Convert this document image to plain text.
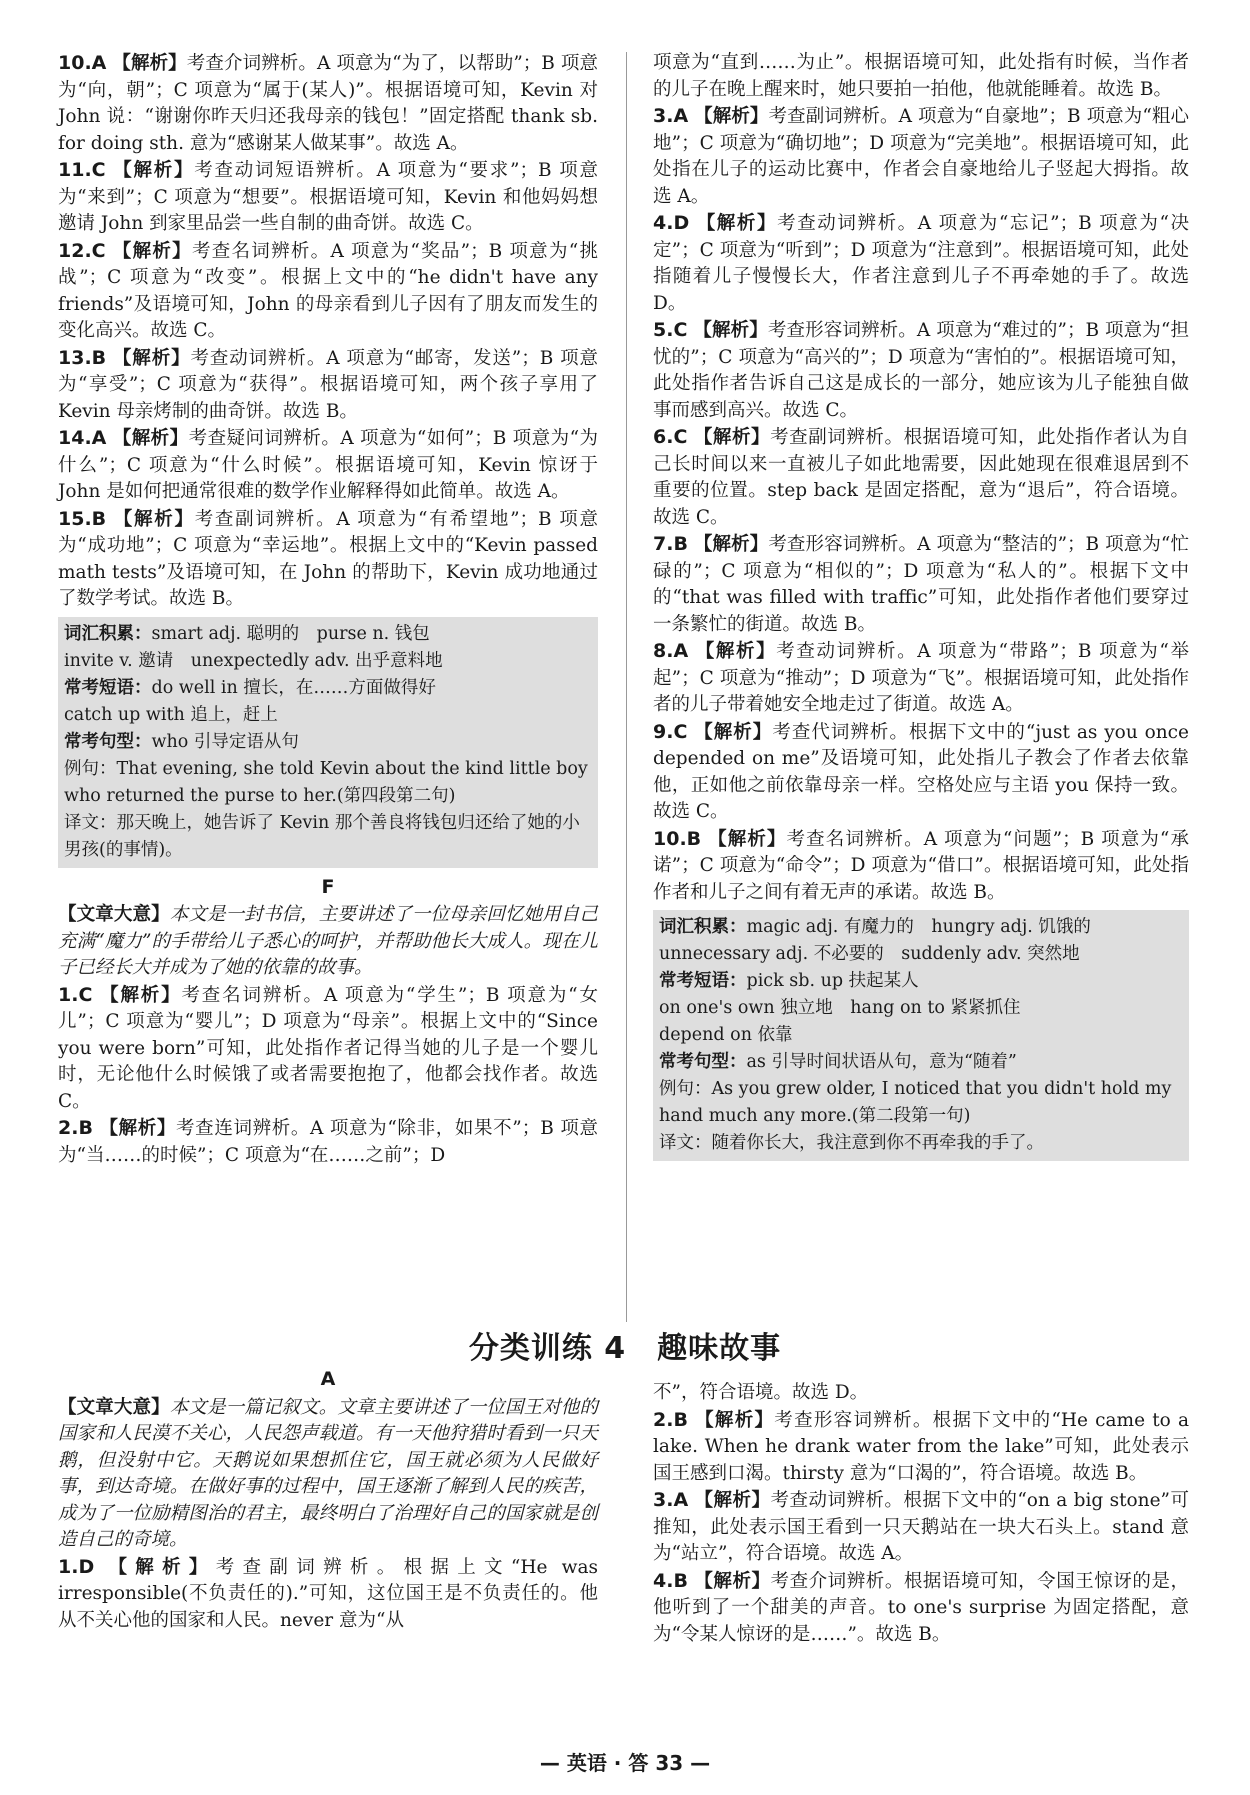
10.A 【解析】考查介词辨析。A 项意为“为了，以帮助”；B 项意为“向，朝”；C 项意为“属于(某人)”。根据语境可知，Kevin 对 John 说：“谢谢你昨天归还我母亲的钱包！”固定搭配 thank sb. for doing sth. 意为“感谢某人做某事”。故选 A。

11.C 【解析】考查动词短语辨析。A 项意为“要求”；B 项意为“来到”；C 项意为“想要”。根据语境可知，Kevin 和他妈妈想邀请 John 到家里品尝一些自制的曲奇饼。故选 C。

12.C 【解析】考查名词辨析。A 项意为“奖品”；B 项意为“挑战”；C 项意为“改变”。根据上文中的“he didn't have any friends”及语境可知，John 的母亲看到儿子因有了朋友而发生的变化高兴。故选 C。

13.B 【解析】考查动词辨析。A 项意为“邮寄，发送”；B 项意为“享受”；C 项意为“获得”。根据语境可知，两个孩子享用了 Kevin 母亲烤制的曲奇饼。故选 B。

14.A 【解析】考查疑问词辨析。A 项意为“如何”；B 项意为“为什么”；C 项意为“什么时候”。根据语境可知，Kevin 惊讶于 John 是如何把通常很难的数学作业解释得如此简单。故选 A。

15.B 【解析】考查副词辨析。A 项意为“有希望地”；B 项意为“成功地”；C 项意为“幸运地”。根据上文中的“Kevin passed math tests”及语境可知，在 John 的帮助下，Kevin 成功地通过了数学考试。故选 B。

词汇积累：smart adj. 聪明的　purse n. 钱包
invite v. 邀请　unexpectedly adv. 出乎意料地
常考短语：do well in 擅长，在……方面做得好
catch up with 追上，赶上
常考句型：who 引导定语从句
例句：That evening, she told Kevin about the kind little boy who returned the purse to her.(第四段第二句)
译文：那天晚上，她告诉了 Kevin 那个善良将钱包归还给了她的小男孩(的事情)。
F

【文章大意】本文是一封书信，主要讲述了一位母亲回忆她用自己充满“魔力”的手带给儿子悉心的呵护，并帮助他长大成人。现在儿子已经长大并成为了她的依靠的故事。

1.C 【解析】考查名词辨析。A 项意为“学生”；B 项意为“女儿”；C 项意为“婴儿”；D 项意为“母亲”。根据上文中的“Since you were born”可知，此处指作者记得当她的儿子是一个婴儿时，无论他什么时候饿了或者需要抱抱了，他都会找作者。故选 C。

2.B 【解析】考查连词辨析。A 项意为“除非，如果不”；B 项意为“当……的时候”；C 项意为“在……之前”；D

项意为“直到……为止”。根据语境可知，此处指有时候，当作者的儿子在晚上醒来时，她只要拍一拍他，他就能睡着。故选 B。

3.A 【解析】考查副词辨析。A 项意为“自豪地”；B 项意为“粗心地”；C 项意为“确切地”；D 项意为“完美地”。根据语境可知，此处指在儿子的运动比赛中，作者会自豪地给儿子竖起大拇指。故选 A。

4.D 【解析】考查动词辨析。A 项意为“忘记”；B 项意为“决定”；C 项意为“听到”；D 项意为“注意到”。根据语境可知，此处指随着儿子慢慢长大，作者注意到儿子不再牵她的手了。故选 D。

5.C 【解析】考查形容词辨析。A 项意为“难过的”；B 项意为“担忧的”；C 项意为“高兴的”；D 项意为“害怕的”。根据语境可知，此处指作者告诉自己这是成长的一部分，她应该为儿子能独自做事而感到高兴。故选 C。

6.C 【解析】考查副词辨析。根据语境可知，此处指作者认为自己长时间以来一直被儿子如此地需要，因此她现在很难退居到不重要的位置。step back 是固定搭配，意为“退后”，符合语境。故选 C。

7.B 【解析】考查形容词辨析。A 项意为“整洁的”；B 项意为“忙碌的”；C 项意为“相似的”；D 项意为“私人的”。根据下文中的“that was filled with traffic”可知，此处指作者他们要穿过一条繁忙的街道。故选 B。

8.A 【解析】考查动词辨析。A 项意为“带路”；B 项意为“举起”；C 项意为“推动”；D 项意为“飞”。根据语境可知，此处指作者的儿子带着她安全地走过了街道。故选 A。

9.C 【解析】考查代词辨析。根据下文中的“just as you once depended on me”及语境可知，此处指儿子教会了作者去依靠他，正如他之前依靠母亲一样。空格处应与主语 you 保持一致。故选 C。

10.B 【解析】考查名词辨析。A 项意为“问题”；B 项意为“承诺”；C 项意为“命令”；D 项意为“借口”。根据语境可知，此处指作者和儿子之间有着无声的承诺。故选 B。

词汇积累：magic adj. 有魔力的　hungry adj. 饥饿的
unnecessary adj. 不必要的　suddenly adv. 突然地
常考短语：pick sb. up 扶起某人
on one's own 独立地　hang on to 紧紧抓住
depend on 依靠
常考句型：as 引导时间状语从句，意为“随着”
例句：As you grew older, I noticed that you didn't hold my hand much any more.(第二段第一句)
译文：随着你长大，我注意到你不再牵我的手了。
分类训练 4　趣味故事
A

【文章大意】本文是一篇记叙文。文章主要讲述了一位国王对他的国家和人民漠不关心，人民怨声载道。有一天他狩猎时看到一只天鹅，但没射中它。天鹅说如果想抓住它，国王就必须为人民做好事，到达奇境。在做好事的过程中，国王逐渐了解到人民的疾苦，成为了一位励精图治的君主，最终明白了治理好自己的国家就是创造自己的奇境。

1.D 【解析】考查副词辨析。根据上文“He was irresponsible(不负责任的).”可知，这位国王是不负责任的。他从不关心他的国家和人民。never 意为“从

不”，符合语境。故选 D。

2.B 【解析】考查形容词辨析。根据下文中的“He came to a lake. When he drank water from the lake”可知，此处表示国王感到口渴。thirsty 意为“口渴的”，符合语境。故选 B。

3.A 【解析】考查动词辨析。根据下文中的“on a big stone”可推知，此处表示国王看到一只天鹅站在一块大石头上。stand 意为“站立”，符合语境。故选 A。

4.B 【解析】考查介词辨析。根据语境可知，令国王惊讶的是，他听到了一个甜美的声音。to one's surprise 为固定搭配，意为“令某人惊讶的是……”。故选 B。

— 英语 · 答 33 —
